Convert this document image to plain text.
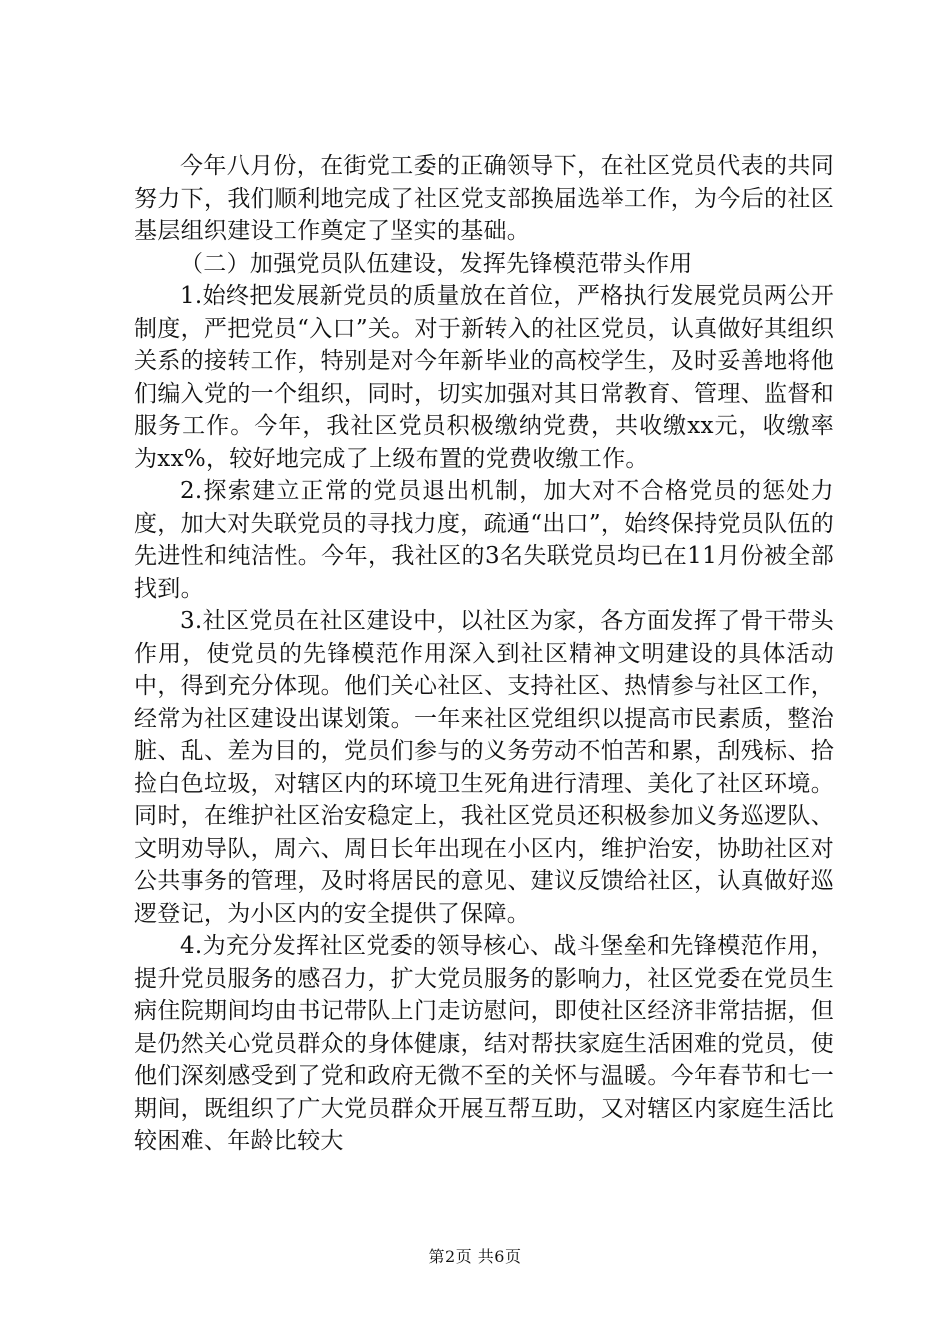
今年八月份，在街党工委的正确领导下，在社区党员代表的共同努力下，我们顺利地完成了社区党支部换届选举工作，为今后的社区基层组织建设工作奠定了坚实的基础。

（二）加强党员队伍建设，发挥先锋模范带头作用

1.始终把发展新党员的质量放在首位，严格执行发展党员两公开制度，严把党员“入口”关。对于新转入的社区党员，认真做好其组织关系的接转工作，特别是对今年新毕业的高校学生，及时妥善地将他们编入党的一个组织，同时，切实加强对其日常教育、管理、监督和服务工作。今年，我社区党员积极缴纳党费，共收缴xx元，收缴率为xx%，较好地完成了上级布置的党费收缴工作。

2.探索建立正常的党员退出机制，加大对不合格党员的惩处力度，加大对失联党员的寻找力度，疏通“出口”，始终保持党员队伍的先进性和纯洁性。今年，我社区的3名失联党员均已在11月份被全部找到。

3.社区党员在社区建设中，以社区为家，各方面发挥了骨干带头作用，使党员的先锋模范作用深入到社区精神文明建设的具体活动中，得到充分体现。他们关心社区、支持社区、热情参与社区工作，经常为社区建设出谋划策。一年来社区党组织以提高市民素质，整治脏、乱、差为目的，党员们参与的义务劳动不怕苦和累，刮残标、拾捡白色垃圾，对辖区内的环境卫生死角进行清理、美化了社区环境。同时，在维护社区治安稳定上，我社区党员还积极参加义务巡逻队、文明劝导队，周六、周日长年出现在小区内，维护治安，协助社区对公共事务的管理，及时将居民的意见、建议反馈给社区，认真做好巡逻登记，为小区内的安全提供了保障。

4.为充分发挥社区党委的领导核心、战斗堡垒和先锋模范作用，提升党员服务的感召力，扩大党员服务的影响力，社区党委在党员生病住院期间均由书记带队上门走访慰问，即使社区经济非常拮据，但是仍然关心党员群众的身体健康，结对帮扶家庭生活困难的党员，使他们深刻感受到了党和政府无微不至的关怀与温暖。今年春节和七一期间，既组织了广大党员群众开展互帮互助，又对辖区内家庭生活比较困难、年龄比较大

第2页 共6页
